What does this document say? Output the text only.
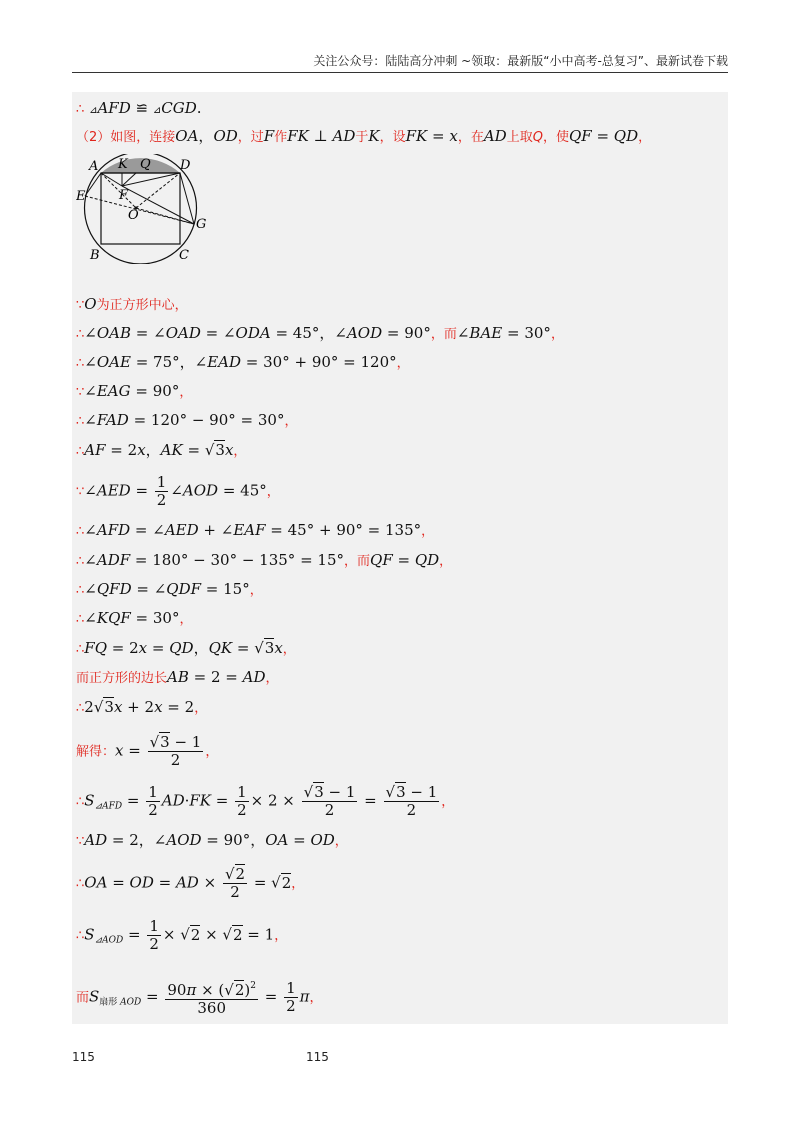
关注公众号：陆陆高分冲刺 ~领取：最新版“小中高考-总复习”、最新试卷下载
∴ ⊿AFD ≌ ⊿CGD.
（2）如图，连接OA，OD，过F作FK ⊥ AD于K，设FK = x，在AD上取Q，使QF = QD，
A K Q D
F
E
O
G
B	C
∵O为正方形中心，
∴∠OAB = ∠OAD = ∠ODA = 45°，∠AOD = 90°，而∠BAE = 30°，
∴∠OAE = 75°，∠EAD = 30° + 90° = 120°，
∵∠EAG = 90°，
∴∠FAD = 120° − 90° = 30°，
∴AF = 2x，AK = √3x，
∵∠AED = $\frac{1}{2}$ ∠AOD = 45°，
∴∠AFD = ∠AED + ∠EAF = 45° + 90° = 135°，
∴∠ADF = 180° − 30° − 135° = 15°，而QF = QD，
∴∠QFD = ∠QDF = 15°，
∴∠KQF = 30°，
∴FQ = 2x = QD，QK = √3x，
而正方形的边长AB = 2 = AD，
∴2√3x + 2x = 2，
解得：$x = \frac{√3 - 1}{2}$ ，
$\therefore S_{⊿AFD} = \frac{1}{2} AD\cdot FK = \frac{1}{2} \times 2 \times \frac{√3 - 1}{2} = \frac{√3 - 1}{2}$ ，
∵AD = 2，∠AOD = 90°，OA = OD，
∴OA = OD = AD × $\frac{√2}{2} = √2$，
$\therefore S_{⊿AOD} = \frac{1}{2} \times √2 \times √2 = 1$，
而$S_{扇形}$ $_{AOD} = \frac{90\pi \times (√2)^2}{360} = \frac{1}{2}$ π，
115	115
